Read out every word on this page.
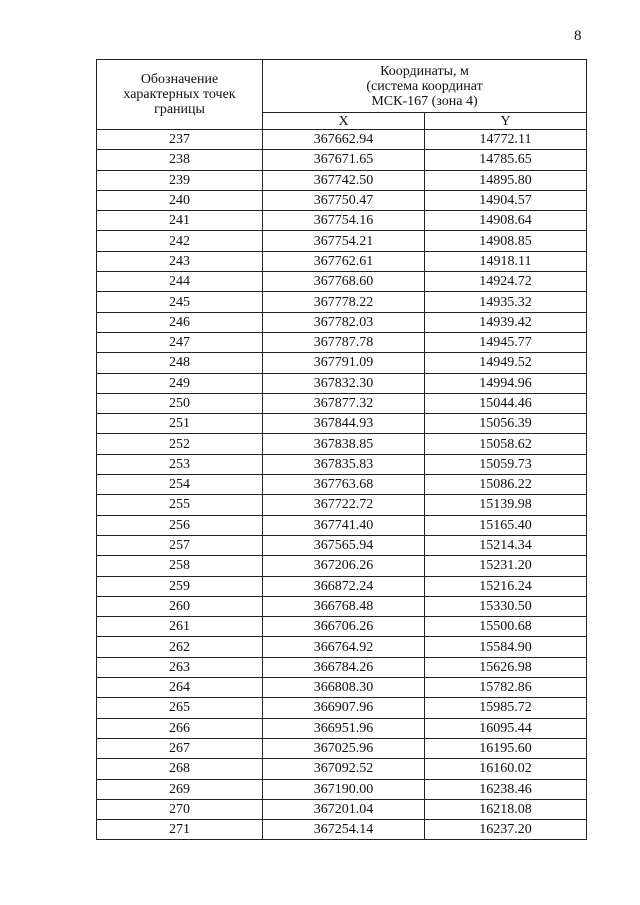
8
Обозначение
характерных точек
границы	Координаты, м
(система координат
МСК-167 (зона 4)	

	X	Y
237	367662.94	14772.11
238	367671.65	14785.65
239	367742.50	14895.80
240	367750.47	14904.57
241	367754.16	14908.64
242	367754.21	14908.85
243	367762.61	14918.11
244	367768.60	14924.72
245	367778.22	14935.32
246	367782.03	14939.42
247	367787.78	14945.77
248	367791.09	14949.52
249	367832.30	14994.96
250	367877.32	15044.46
251	367844.93	15056.39
252	367838.85	15058.62
253	367835.83	15059.73
254	367763.68	15086.22
255	367722.72	15139.98
256	367741.40	15165.40
257	367565.94	15214.34
258	367206.26	15231.20
259	366872.24	15216.24
260	366768.48	15330.50
261	366706.26	15500.68
262	366764.92	15584.90
263	366784.26	15626.98
264	366808.30	15782.86
265	366907.96	15985.72
266	366951.96	16095.44
267	367025.96	16195.60
268	367092.52	16160.02
269	367190.00	16238.46
270	367201.04	16218.08
271	367254.14	16237.20
